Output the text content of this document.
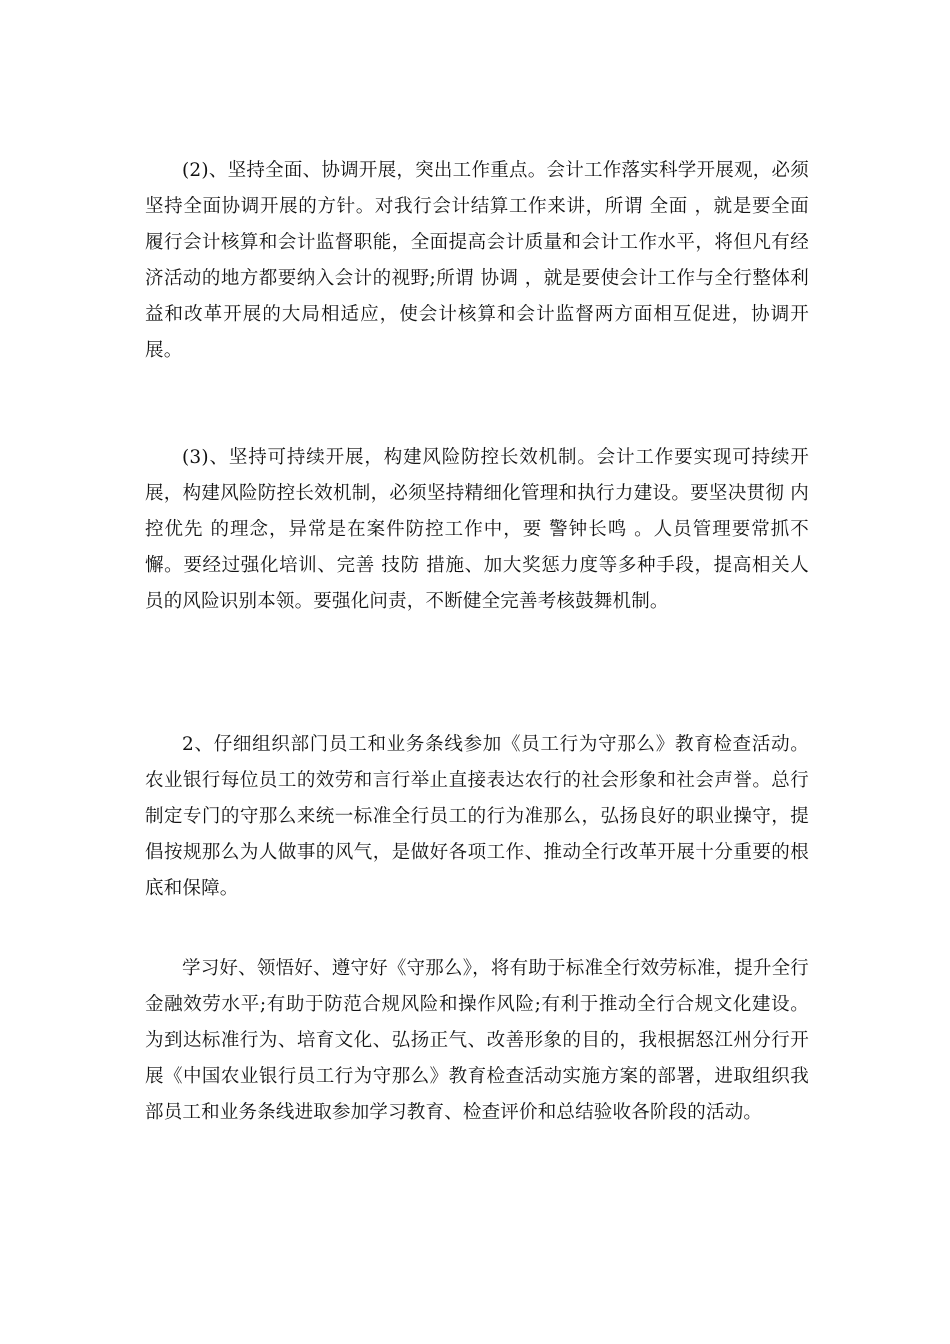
(2)、坚持全面、协调开展，突出工作重点。会计工作落实科学开展观，必须坚持全面协调开展的方针。对我行会计结算工作来讲，所谓 全面 ，就是要全面履行会计核算和会计监督职能，全面提高会计质量和会计工作水平，将但凡有经济活动的地方都要纳入会计的视野;所谓 协调 ，就是要使会计工作与全行整体利益和改革开展的大局相适应，使会计核算和会计监督两方面相互促进，协调开展。

(3)、坚持可持续开展，构建风险防控长效机制。会计工作要实现可持续开展，构建风险防控长效机制，必须坚持精细化管理和执行力建设。要坚决贯彻 内控优先 的理念，异常是在案件防控工作中，要 警钟长鸣 。人员管理要常抓不懈。要经过强化培训、完善 技防 措施、加大奖惩力度等多种手段，提高相关人员的风险识别本领。要强化问责，不断健全完善考核鼓舞机制。

2、仔细组织部门员工和业务条线参加《员工行为守那么》教育检查活动。农业银行每位员工的效劳和言行举止直接表达农行的社会形象和社会声誉。总行制定专门的守那么来统一标准全行员工的行为准那么，弘扬良好的职业操守，提倡按规那么为人做事的风气，是做好各项工作、推动全行改革开展十分重要的根底和保障。

学习好、领悟好、遵守好《守那么》，将有助于标准全行效劳标准，提升全行金融效劳水平;有助于防范合规风险和操作风险;有利于推动全行合规文化建设。为到达标准行为、培育文化、弘扬正气、改善形象的目的，我根据怒江州分行开展《中国农业银行员工行为守那么》教育检查活动实施方案的部署，进取组织我部员工和业务条线进取参加学习教育、检查评价和总结验收各阶段的活动。
